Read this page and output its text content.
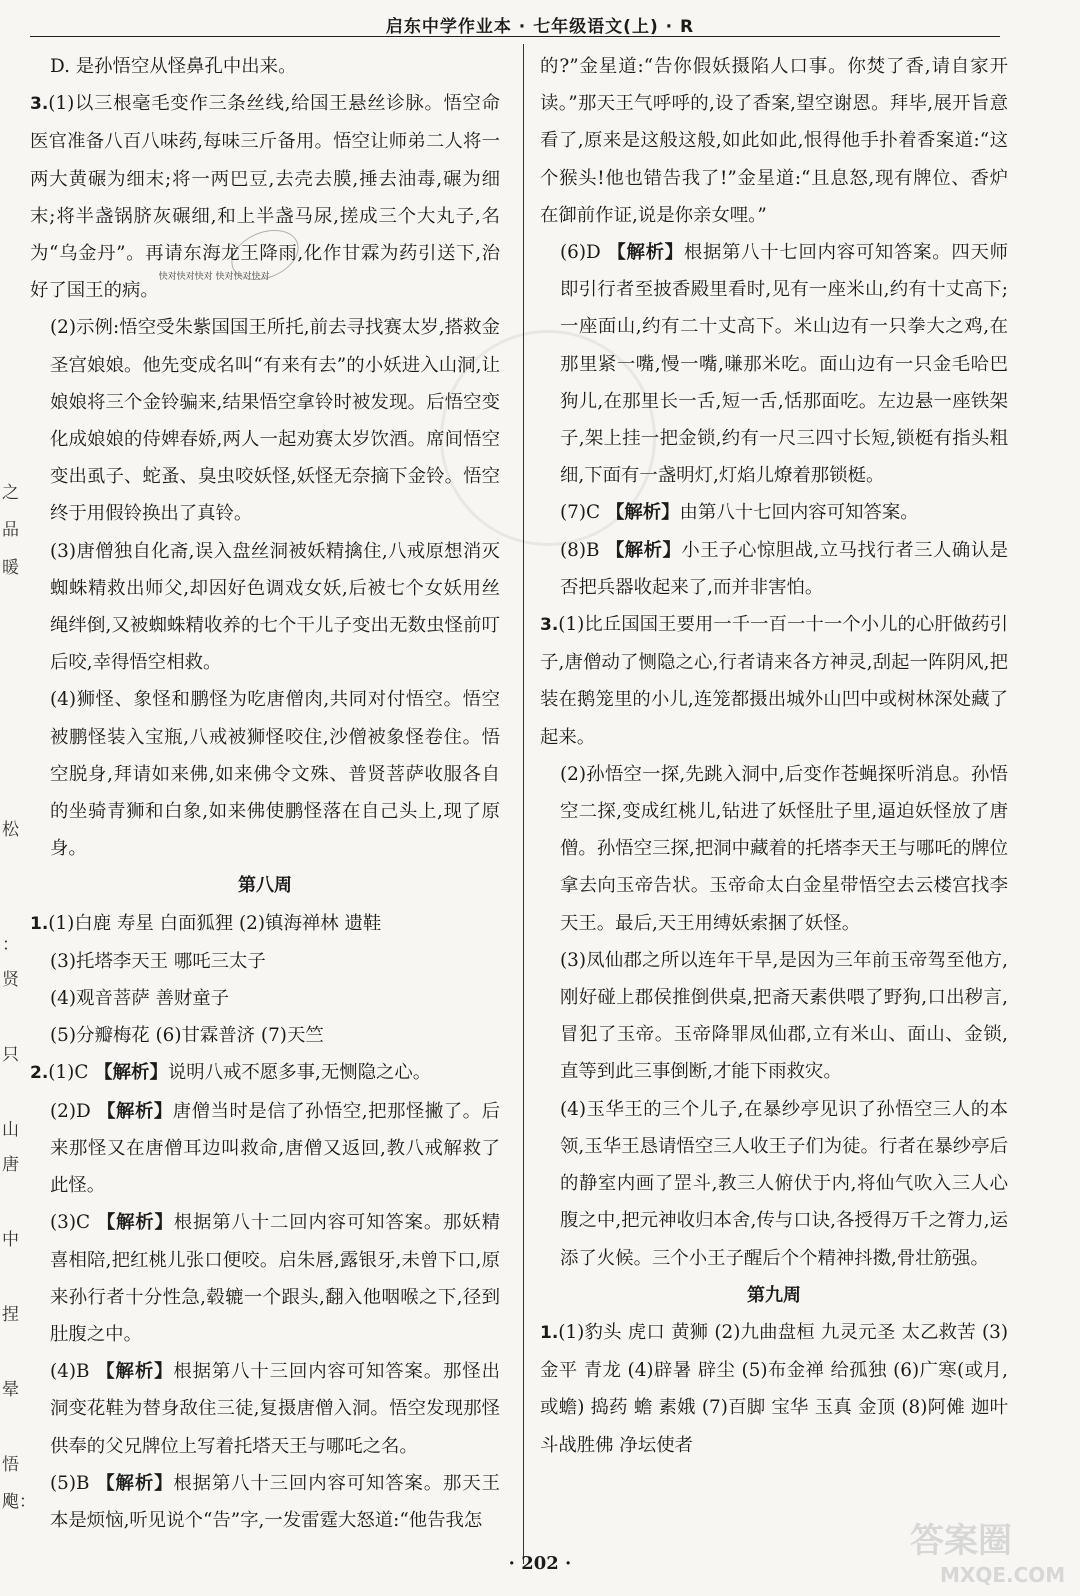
启东中学作业本 · 七年级语文(上) · R
之
品
暖
松
：
贤
只
山
唐
中
捏
晕
悟
飑：

D. 是孙悟空从怪鼻孔中出来。

3.(1)以三根毫毛变作三条丝线,给国王悬丝诊脉。悟空命医官准备八百八味药,每味三斤备用。悟空让师弟二人将一两大黄碾为细末;将一两巴豆,去壳去膜,捶去油毒,碾为细末;将半盏锅脐灰碾细,和上半盏马尿,搓成三个大丸子,名为“乌金丹”。再请东海龙王降雨,化作甘霖为药引送下,治好了国王的病。快对快对快对 快对快对快对

(2)示例:悟空受朱紫国国王所托,前去寻找赛太岁,搭救金圣宫娘娘。他先变成名叫“有来有去”的小妖进入山洞,让娘娘将三个金铃骗来,结果悟空拿铃时被发现。后悟空变化成娘娘的侍婢春娇,两人一起劝赛太岁饮酒。席间悟空变出虱子、蛇蚤、臭虫咬妖怪,妖怪无奈摘下金铃。悟空终于用假铃换出了真铃。

(3)唐僧独自化斋,误入盘丝洞被妖精擒住,八戒原想消灭蜘蛛精救出师父,却因好色调戏女妖,后被七个女妖用丝绳绊倒,又被蜘蛛精收养的七个干儿子变出无数虫怪前叮后咬,幸得悟空相救。

(4)狮怪、象怪和鹏怪为吃唐僧肉,共同对付悟空。悟空被鹏怪装入宝瓶,八戒被狮怪咬住,沙僧被象怪卷住。悟空脱身,拜请如来佛,如来佛令文殊、普贤菩萨收服各自的坐骑青狮和白象,如来佛使鹏怪落在自己头上,现了原身。

第八周

1.(1)白鹿 寿星 白面狐狸 (2)镇海禅林 遗鞋

(3)托塔李天王 哪吒三太子

(4)观音菩萨 善财童子

(5)分瓣梅花 (6)甘霖普济 (7)天竺

2.(1)C 【解析】说明八戒不愿多事,无恻隐之心。

(2)D 【解析】唐僧当时是信了孙悟空,把那怪撇了。后来那怪又在唐僧耳边叫救命,唐僧又返回,教八戒解救了此怪。

(3)C 【解析】根据第八十二回内容可知答案。那妖精喜相陪,把红桃儿张口便咬。启朱唇,露银牙,未曾下口,原来孙行者十分性急,毂辘一个跟头,翻入他咽喉之下,径到肚腹之中。

(4)B 【解析】根据第八十三回内容可知答案。那怪出洞变花鞋为替身敌住三徒,复摄唐僧入洞。悟空发现那怪供奉的父兄牌位上写着托塔天王与哪吒之名。

(5)B 【解析】根据第八十三回内容可知答案。那天王本是烦恼,听见说个“告”字,一发雷霆大怒道:“他告我怎

的?”金星道:“告你假妖摄陷人口事。你焚了香,请自家开读。”那天王气呼呼的,设了香案,望空谢恩。拜毕,展开旨意看了,原来是这般这般,如此如此,恨得他手扑着香案道:“这个猴头!他也错告我了!”金星道:“且息怒,现有牌位、香炉在御前作证,说是你亲女哩。”

(6)D 【解析】根据第八十七回内容可知答案。四天师即引行者至披香殿里看时,见有一座米山,约有十丈高下;一座面山,约有二十丈高下。米山边有一只拳大之鸡,在那里紧一嘴,慢一嘴,嗛那米吃。面山边有一只金毛哈巴狗儿,在那里长一舌,短一舌,恬那面吃。左边悬一座铁架子,架上挂一把金锁,约有一尺三四寸长短,锁梃有指头粗细,下面有一盏明灯,灯焰儿燎着那锁梃。

(7)C 【解析】由第八十七回内容可知答案。

(8)B 【解析】小王子心惊胆战,立马找行者三人确认是否把兵器收起来了,而并非害怕。

3.(1)比丘国国王要用一千一百一十一个小儿的心肝做药引子,唐僧动了恻隐之心,行者请来各方神灵,刮起一阵阴风,把装在鹅笼里的小儿,连笼都摄出城外山凹中或树林深处藏了起来。

(2)孙悟空一探,先跳入洞中,后变作苍蝇探听消息。孙悟空二探,变成红桃儿,钻进了妖怪肚子里,逼迫妖怪放了唐僧。孙悟空三探,把洞中藏着的托塔李天王与哪吒的牌位拿去向玉帝告状。玉帝命太白金星带悟空去云楼宫找李天王。最后,天王用缚妖索捆了妖怪。

(3)凤仙郡之所以连年干旱,是因为三年前玉帝驾至他方,刚好碰上郡侯推倒供桌,把斋天素供喂了野狗,口出秽言,冒犯了玉帝。玉帝降罪凤仙郡,立有米山、面山、金锁,直等到此三事倒断,才能下雨救灾。

(4)玉华王的三个儿子,在暴纱亭见识了孙悟空三人的本领,玉华王恳请悟空三人收王子们为徒。行者在暴纱亭后的静室内画了罡斗,教三人俯伏于内,将仙气吹入三人心腹之中,把元神收归本舍,传与口诀,各授得万千之膂力,运添了火候。三个小王子醒后个个精神抖擞,骨壮筋强。

第九周

1.(1)豹头 虎口 黄狮 (2)九曲盘桓 九灵元圣 太乙救苦 (3)金平 青龙 (4)辟暑 辟尘 (5)布金禅 给孤独 (6)广寒(或月,或蟾) 捣药 蟾 素娥 (7)百脚 宝华 玉真 金顶 (8)阿傩 迦叶 斗战胜佛 净坛使者

· 202 ·
答案圈
MXQE.COM
